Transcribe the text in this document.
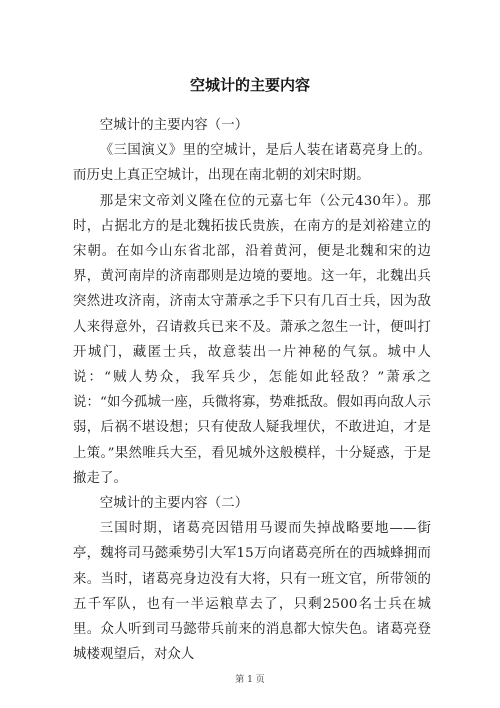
空城计的主要内容

空城计的主要内容（一）

《三国演义》里的空城计，是后人装在诸葛亮身上的。而历史上真正空城计，出现在南北朝的刘宋时期。

那是宋文帝刘义隆在位的元嘉七年（公元430年）。那时，占据北方的是北魏拓拔氏贵族，在南方的是刘裕建立的宋朝。在如今山东省北部，沿着黄河，便是北魏和宋的边界，黄河南岸的济南郡则是边境的要地。这一年，北魏出兵突然进攻济南，济南太守萧承之手下只有几百士兵，因为敌人来得意外，召请救兵已来不及。萧承之忽生一计，便叫打开城门，藏匿士兵，故意装出一片神秘的气氛。城中人说：“贼人势众，我军兵少，怎能如此轻敌？”萧承之说：“如今孤城一座，兵微将寡，势难抵敌。假如再向敌人示弱，后祸不堪设想；只有使敌人疑我埋伏，不敢进迫，才是上策。”果然唯兵大至，看见城外这般模样，十分疑惑，于是撤走了。

空城计的主要内容（二）

三国时期，诸葛亮因错用马谡而失掉战略要地——街亭，魏将司马懿乘势引大军15万向诸葛亮所在的西城蜂拥而来。当时，诸葛亮身边没有大将，只有一班文官，所带领的五千军队，也有一半运粮草去了，只剩2500名士兵在城里。众人听到司马懿带兵前来的消息都大惊失色。诸葛亮登城楼观望后，对众人

第 1 页
